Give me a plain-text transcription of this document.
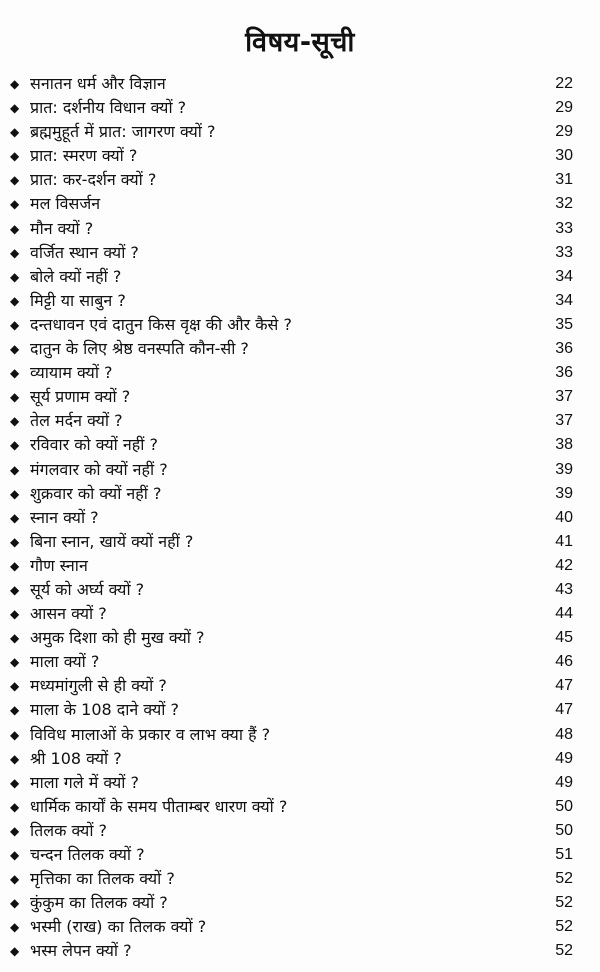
विषय-सूची
◆ सनातन धर्म और विज्ञान	22
◆ प्रात: दर्शनीय विधान क्यों ?	29
◆ ब्रह्ममुहूर्त में प्रात: जागरण क्यों ?	29
◆ प्रात: स्मरण क्यों ?	30
◆ प्रात: कर-दर्शन क्यों ?	31
◆ मल विसर्जन	32
◆ मौन क्यों ?	33
◆ वर्जित स्थान क्यों ?	33
◆ बोले क्यों नहीं ?	34
◆ मिट्टी या साबुन ?	34
◆ दन्तधावन एवं दातुन किस वृक्ष की और कैसे ?	35
◆ दातुन के लिए श्रेष्ठ वनस्पति कौन-सी ?	36
◆ व्यायाम क्यों ?	36
◆ सूर्य प्रणाम क्यों ?	37
◆ तेल मर्दन क्यों ?	37
◆ रविवार को क्यों नहीं ?	38
◆ मंगलवार को क्यों नहीं ?	39
◆ शुक्रवार को क्यों नहीं ?	39
◆ स्नान क्यों ?	40
◆ बिना स्नान, खायें क्यों नहीं ?	41
◆ गौण स्नान	42
◆ सूर्य को अर्घ्य क्यों ?	43
◆ आसन क्यों ?	44
◆ अमुक दिशा को ही मुख क्यों ?	45
◆ माला क्यों ?	46
◆ मध्यमांगुली से ही क्यों ?	47
◆ माला के 108 दाने क्यों ?	47
◆ विविध मालाओं के प्रकार व लाभ क्या हैं ?	48
◆ श्री 108 क्यों ?	49
◆ माला गले में क्यों ?	49
◆ धार्मिक कार्यों के समय पीताम्बर धारण क्यों ?	50
◆ तिलक क्यों ?	50
◆ चन्दन तिलक क्यों ?	51
◆ मृत्तिका का तिलक क्यों ?	52
◆ कुंकुम का तिलक क्यों ?	52
◆ भस्मी (राख) का तिलक क्यों ?	52
◆ भस्म लेपन क्यों ?	52
